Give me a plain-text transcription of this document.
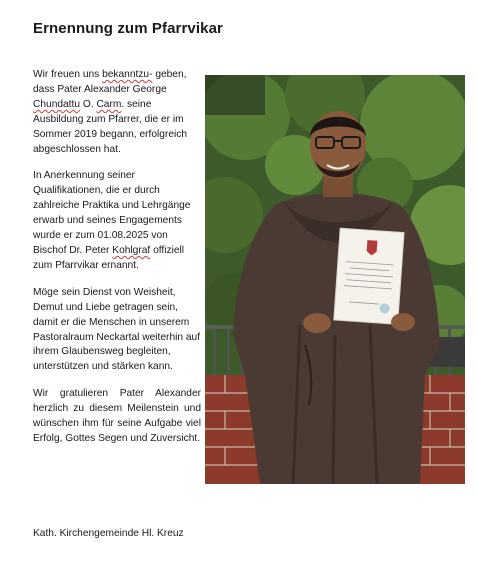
Ernennung zum Pfarrvikar

Wir freuen uns bekanntzu- geben, dass Pater Alexander George Chundattu O. Carm. seine Ausbildung zum Pfarrer, die er im Sommer 2019 begann, erfolgreich abgeschlossen hat.

In Anerkennung seiner Qualifikationen, die er durch zahlreiche Praktika und Lehrgänge erwarb und seines Engagements wurde er zum 01.08.2025 von Bischof Dr. Peter Kohlgraf offiziell zum Pfarrvikar ernannt.

Möge sein Dienst von Weisheit, Demut und Liebe getragen sein, damit er die Menschen in unserem Pastoralraum Neckartal weiterhin auf ihrem Glaubensweg begleiten, unterstützen und stärken kann.

Wir gratulieren Pater Alexander herzlich zu diesem Meilenstein und wünschen ihm für seine Aufgabe viel Erfolg, Gottes Segen und Zuversicht.

Kath. Kirchengemeinde Hl. Kreuz
